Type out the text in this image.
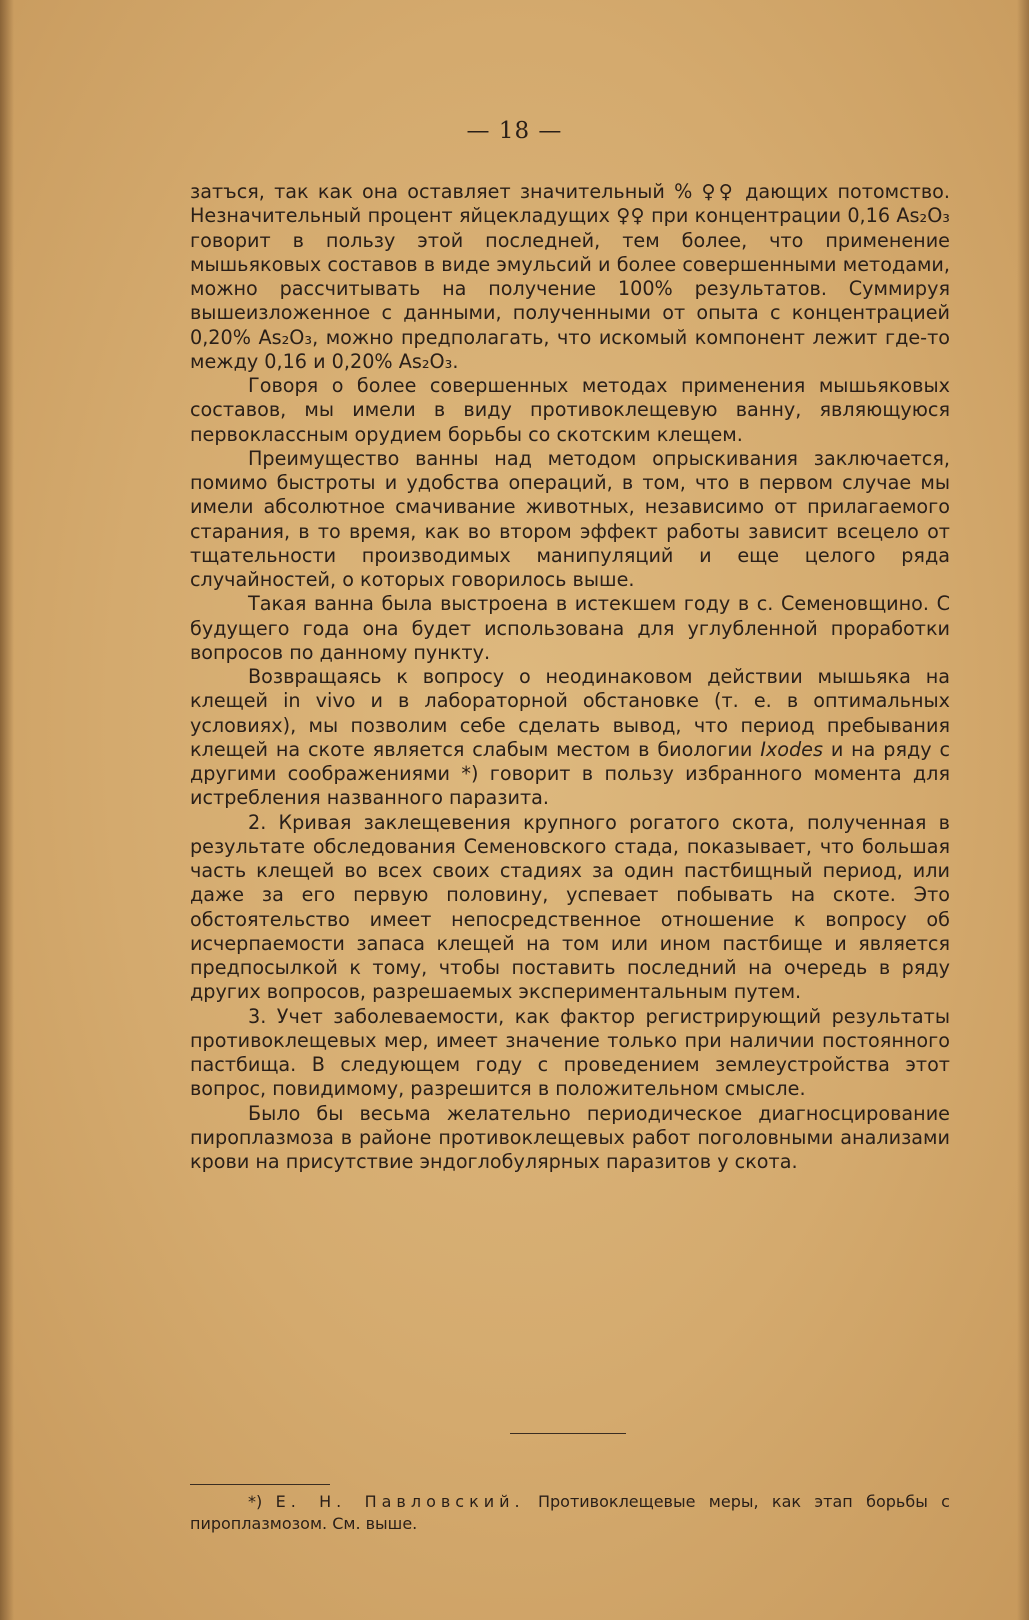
— 18 —

затъся, так как она оставляет значительный % ♀♀ дающих потомство. Незначительный процент яйцекладущих ♀♀ при концентрации 0,16 As₂O₃ говорит в пользу этой последней, тем более, что применение мышьяковых составов в виде эмульсий и более совершенными методами, можно рассчитывать на получение 100% результатов. Суммируя вышеизложенное с данными, полученными от опыта с концентрацией 0,20% As₂O₃, можно предполагать, что искомый компонент лежит где-то между 0,16 и 0,20% As₂O₃.

Говоря о более совершенных методах применения мышьяковых составов, мы имели в виду противоклещевую ванну, являющуюся первоклассным орудием борьбы со скотским клещем.

Преимущество ванны над методом опрыскивания заключается, помимо быстроты и удобства операций, в том, что в первом случае мы имели абсолютное смачивание животных, независимо от прилагаемого старания, в то время, как во втором эффект работы зависит всецело от тщательности производимых манипуляций и еще целого ряда случайностей, о которых говорилось выше.

Такая ванна была выстроена в истекшем году в с. Семеновщино. С будущего года она будет использована для углубленной проработки вопросов по данному пункту.

Возвращаясь к вопросу о неодинаковом действии мышьяка на клещей in vivo и в лабораторной обстановке (т. е. в оптимальных условиях), мы позволим себе сделать вывод, что период пребывания клещей на скоте является слабым местом в биологии Ixodes и на ряду с другими соображениями *) говорит в пользу избранного момента для истребления названного паразита.

2. Кривая заклещевения крупного рогатого скота, полученная в результате обследования Семеновского стада, показывает, что большая часть клещей во всех своих стадиях за один пастбищный период, или даже за его первую половину, успевает побывать на скоте. Это обстоятельство имеет непосредственное отношение к вопросу об исчерпаемости запаса клещей на том или ином пастбище и является предпосылкой к тому, чтобы поставить последний на очередь в ряду других вопросов, разрешаемых экспериментальным путем.

3. Учет заболеваемости, как фактор регистрирующий результаты противоклещевых мер, имеет значение только при наличии постоянного пастбища. В следующем году с проведением землеустройства этот вопрос, повидимому, разрешится в положительном смысле.

Было бы весьма желательно периодическое диагносцирование пироплазмоза в районе противоклещевых работ поголовными анализами крови на присутствие эндоглобулярных паразитов у скота.

*) Е. Н. Павловский. Противоклещевые меры, как этап борьбы с пироплазмозом. См. выше.
